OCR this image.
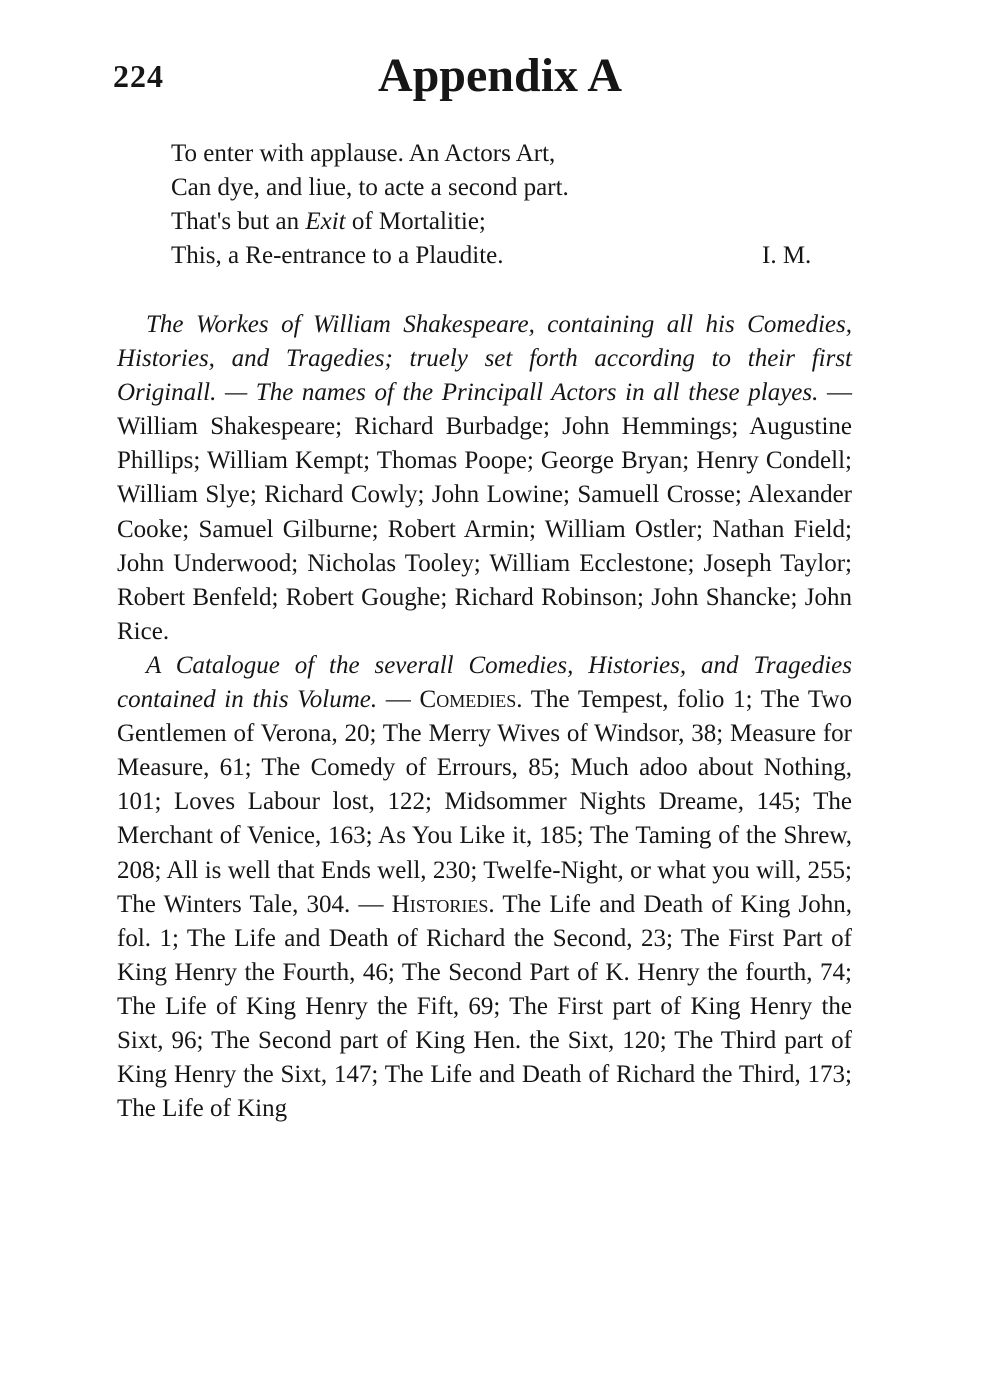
224	Appendix A
To enter with applause. An Actors Art,
Can dye, and liue, to acte a second part.
That's but an Exit of Mortalitie;
This, a Re-entrance to a Plaudite.	I. M.

The Workes of William Shakespeare, containing all his Comedies, Histories, and Tragedies; truely set forth according to their first Originall. — The names of the Principall Actors in all these playes. — William Shakespeare; Richard Burbadge; John Hemmings; Augustine Phillips; William Kempt; Thomas Poope; George Bryan; Henry Condell; William Slye; Richard Cowly; John Lowine; Samuell Crosse; Alexander Cooke; Samuel Gilburne; Robert Armin; William Ostler; Nathan Field; John Underwood; Nicholas Tooley; William Ecclestone; Joseph Taylor; Robert Benfeld; Robert Goughe; Richard Robinson; John Shancke; John Rice.

A Catalogue of the severall Comedies, Histories, and Tragedies contained in this Volume. — Comedies. The Tempest, folio 1; The Two Gentlemen of Verona, 20; The Merry Wives of Windsor, 38; Measure for Measure, 61; The Comedy of Errours, 85; Much adoo about Nothing, 101; Loves Labour lost, 122; Midsommer Nights Dreame, 145; The Merchant of Venice, 163; As You Like it, 185; The Taming of the Shrew, 208; All is well that Ends well, 230; Twelfe-Night, or what you will, 255; The Winters Tale, 304. — Histories. The Life and Death of King John, fol. 1; The Life and Death of Richard the Second, 23; The First Part of King Henry the Fourth, 46; The Second Part of K. Henry the fourth, 74; The Life of King Henry the Fift, 69; The First part of King Henry the Sixt, 96; The Second part of King Hen. the Sixt, 120; The Third part of King Henry the Sixt, 147; The Life and Death of Richard the Third, 173; The Life of King
